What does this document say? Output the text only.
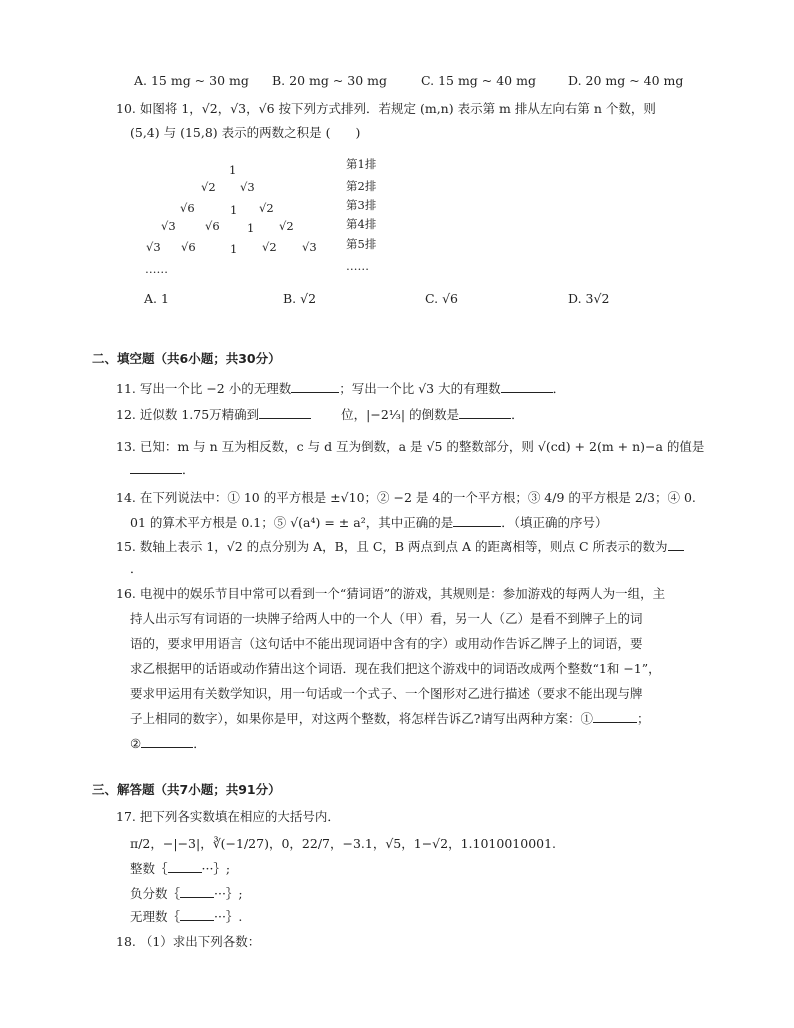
A. 15 mg ~ 30 mg B. 20 mg ~ 30 mg	C. 15 mg ~ 40 mg	D. 20 mg ~ 40 mg
10. 如图将 1，√2，√3，√6 按下列方式排列．若规定 (m,n) 表示第 m 排从左向右第 n 个数，则
(5,4) 与 (15,8) 表示的两数之积是 (　　)
1
√2 √3
√6	1 √2
√3	√6 1 √2
√3 √6	1 √2 √3
……
第1排
第2排
第3排
第4排
第5排
……
A. 1	B. √2	C. √6	D. 3√2
二、填空题（共6小题；共30分）
11. 写出一个比 −2 小的无理数	；写出一个比 √3 大的有理数	．
12. 近似数 1.75万精确到	位，|−2⅓| 的倒数是	．
13. 已知：m 与 n 互为相反数，c 与 d 互为倒数，a 是 √5 的整数部分，则 √(cd) + 2(m + n)−a 的值是
．
14. 在下列说法中：① 10 的平方根是 ±√10；② −2 是 4的一个平方根；③ 4/9 的平方根是 2/3；④ 0.
01 的算术平方根是 0.1；⑤ √(a⁴) = ± a²，其中正确的是	．（填正确的序号）
15. 数轴上表示 1，√2 的点分别为 A，B，且 C，B 两点到点 A 的距离相等，则点 C 所表示的数为
．
16. 电视中的娱乐节目中常可以看到一个“猜词语”的游戏，其规则是：参加游戏的每两人为一组，主
持人出示写有词语的一块牌子给两人中的一个人（甲）看，另一人（乙）是看不到牌子上的词
语的，要求甲用语言（这句话中不能出现词语中含有的字）或用动作告诉乙牌子上的词语，要
求乙根据甲的话语或动作猜出这个词语．现在我们把这个游戏中的词语改成两个整数“1和 −1”，
要求甲运用有关数学知识，用一句话或一个式子、一个图形对乙进行描述（要求不能出现与牌
子上相同的数字），如果你是甲，对这两个整数，将怎样告诉乙?请写出两种方案：①	；
②	．
三、解答题（共7小题；共91分）
17. 把下列各实数填在相应的大括号内．
π/2，−|−3|，∛(−1/27)，0，22/7，−3.1，√5，1−√2，1.1010010001.
整数｛	···｝;
负分数｛	···｝;
无理数｛	···｝.
18. （1）求出下列各数：
